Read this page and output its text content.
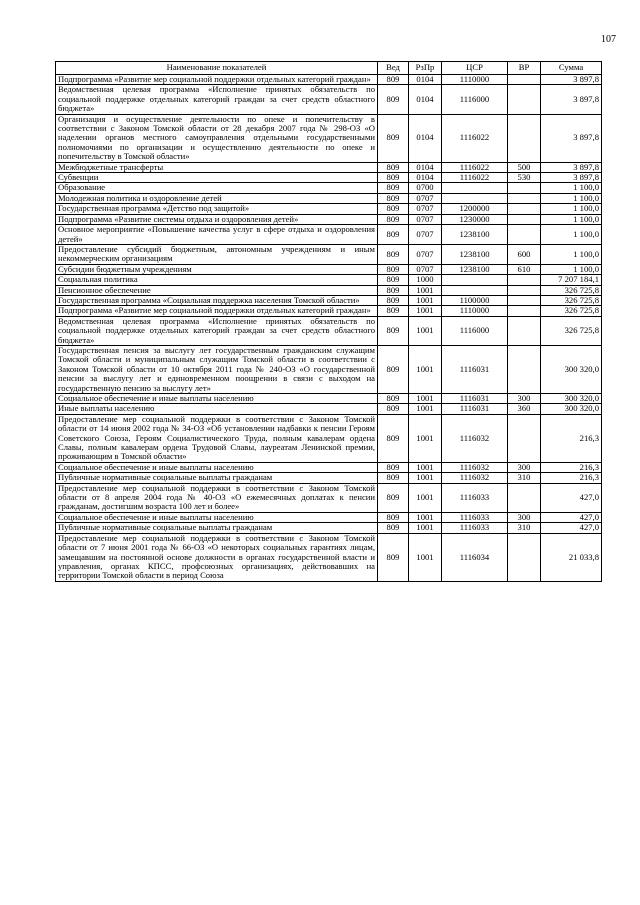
107
Наименование показателей	Вед	РзПр	ЦСР	ВР	Сумма
Подпрограмма «Развитие мер социальной поддержки отдельных категорий граждан»	809	0104	1110000		3 897,8
Ведомственная целевая программа «Исполнение принятых обязательств по социальной поддержке отдельных категорий граждан за счет средств областного бюджета»	809	0104	1116000		3 897,8
Организация и осуществление деятельности по опеке и попечительству в соответствии с Законом Томской области от 28 декабря 2007 года № 298-ОЗ «О наделении органов местного самоуправления отдельными государственными полномочиями по организации и осуществлению деятельности по опеке и попечительству в Томской области»	809	0104	1116022		3 897,8
Межбюджетные трансферты	809	0104	1116022	500	3 897,8
Субвенции	809	0104	1116022	530	3 897,8
Образование	809	0700			1 100,0
Молодежная политика и оздоровление детей	809	0707			1 100,0
Государственная программа «Детство под защитой»	809	0707	1200000		1 100,0
Подпрограмма «Развитие системы отдыха и оздоровления детей»	809	0707	1230000		1 100,0
Основное мероприятие «Повышение качества услуг в сфере отдыха и оздоровления детей»	809	0707	1238100		1 100,0
Предоставление субсидий бюджетным, автономным учреждениям и иным некоммерческим организациям	809	0707	1238100	600	1 100,0
Субсидии бюджетным учреждениям	809	0707	1238100	610	1 100,0
Социальная политика	809	1000			7 207 184,1
Пенсионное обеспечение	809	1001			326 725,8
Государственная программа «Социальная поддержка населения Томской области»	809	1001	1100000		326 725,8
Подпрограмма «Развитие мер социальной поддержки отдельных категорий граждан»	809	1001	1110000		326 725,8
Ведомственная целевая программа «Исполнение принятых обязательств по социальной поддержке отдельных категорий граждан за счет средств областного бюджета»	809	1001	1116000		326 725,8
Государственная пенсия за выслугу лет государственным гражданским служащим Томской области и муниципальным служащим Томской области в соответствии с Законом Томской области от 10 октября 2011 года № 240-ОЗ «О государственной пенсии за выслугу лет и единовременном поощрении в связи с выходом на государственную пенсию за выслугу лет»	809	1001	1116031		300 320,0
Социальное обеспечение и иные выплаты населению	809	1001	1116031	300	300 320,0
Иные выплаты населению	809	1001	1116031	360	300 320,0
Предоставление мер социальной поддержки в соответствии с Законом Томской области от 14 июня 2002 года № 34-ОЗ «Об установлении надбавки к пенсии Героям Советского Союза, Героям Социалистического Труда, полным кавалерам ордена Славы, полным кавалерам ордена Трудовой Славы, лауреатам Ленинской премии, проживающим в Томской области»	809	1001	1116032		216,3
Социальное обеспечение и иные выплаты населению	809	1001	1116032	300	216,3
Публичные нормативные социальные выплаты гражданам	809	1001	1116032	310	216,3
Предоставление мер социальной поддержки в соответствии с Законом Томской области от 8 апреля 2004 года № 40-ОЗ «О ежемесячных доплатах к пенсии гражданам, достигшим возраста 100 лет и более»	809	1001	1116033		427,0
Социальное обеспечение и иные выплаты населению	809	1001	1116033	300	427,0
Публичные нормативные социальные выплаты гражданам	809	1001	1116033	310	427,0
Предоставление мер социальной поддержки в соответствии с Законом Томской области от 7 июня 2001 года № 66-ОЗ «О некоторых социальных гарантиях лицам, замещавшим на постоянной основе должности в органах государственной власти и управления, органах КПСС, профсоюзных организациях, действовавших на территории Томской области в период Союза	809	1001	1116034		21 033,8
